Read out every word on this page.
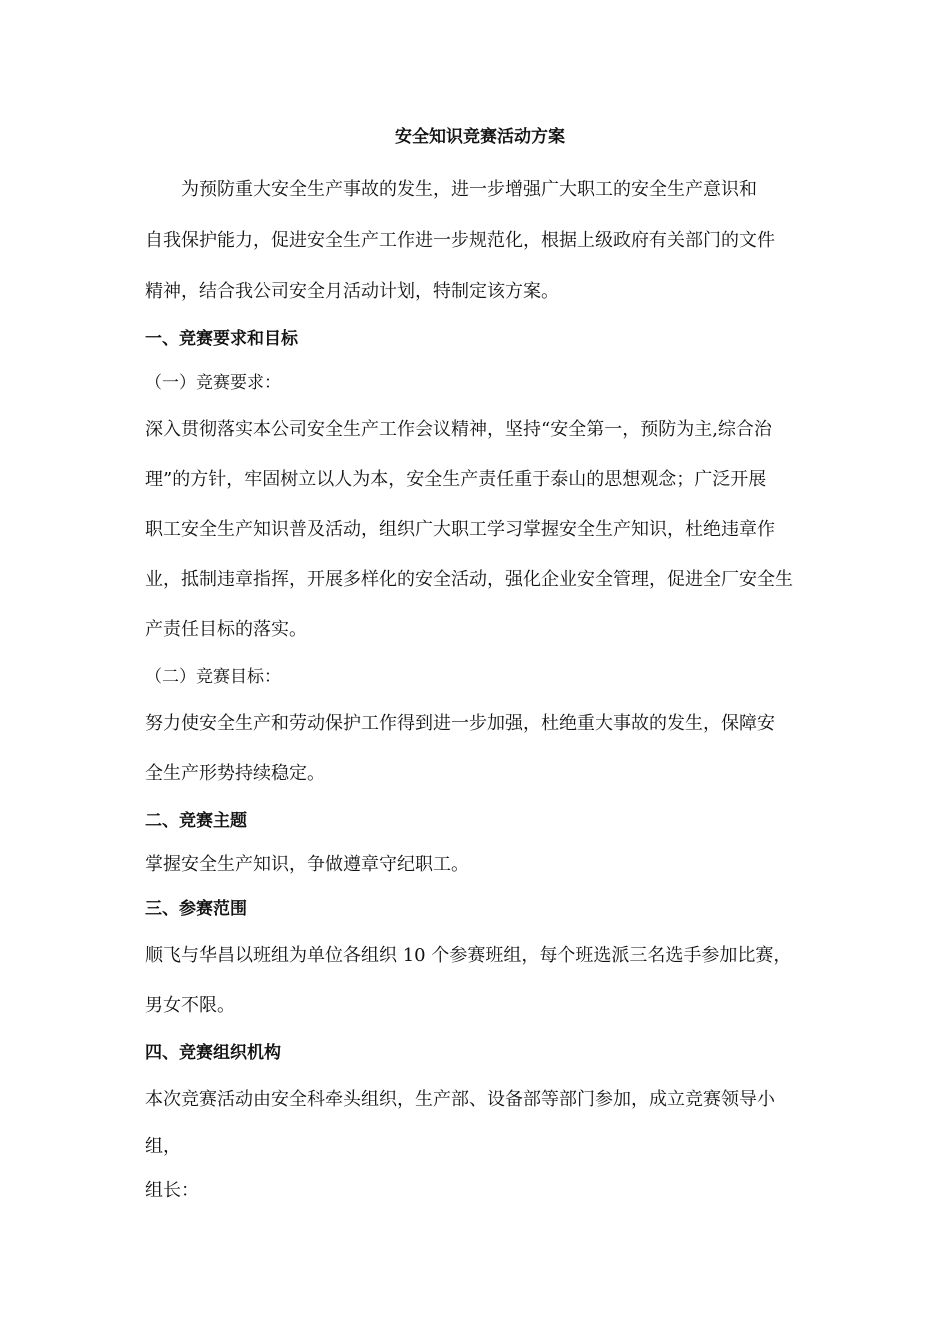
安全知识竞赛活动方案
为预防重大安全生产事故的发生，进一步增强广大职工的安全生产意识和
自我保护能力，促进安全生产工作进一步规范化，根据上级政府有关部门的文件
精神，结合我公司安全月活动计划，特制定该方案。
一、竞赛要求和目标
（一）竞赛要求：
深入贯彻落实本公司安全生产工作会议精神，坚持“安全第一，预防为主,综合治
理”的方针，牢固树立以人为本，安全生产责任重于泰山的思想观念；广泛开展
职工安全生产知识普及活动，组织广大职工学习掌握安全生产知识，杜绝违章作
业，抵制违章指挥，开展多样化的安全活动，强化企业安全管理，促进全厂安全生
产责任目标的落实。
（二）竞赛目标：
努力使安全生产和劳动保护工作得到进一步加强，杜绝重大事故的发生，保障安
全生产形势持续稳定。
二、竞赛主题
掌握安全生产知识，争做遵章守纪职工。
三、参赛范围
顺飞与华昌以班组为单位各组织 10 个参赛班组，每个班选派三名选手参加比赛，
男女不限。
四、竞赛组织机构
本次竞赛活动由安全科牵头组织，生产部、设备部等部门参加，成立竞赛领导小
组，
组长：
